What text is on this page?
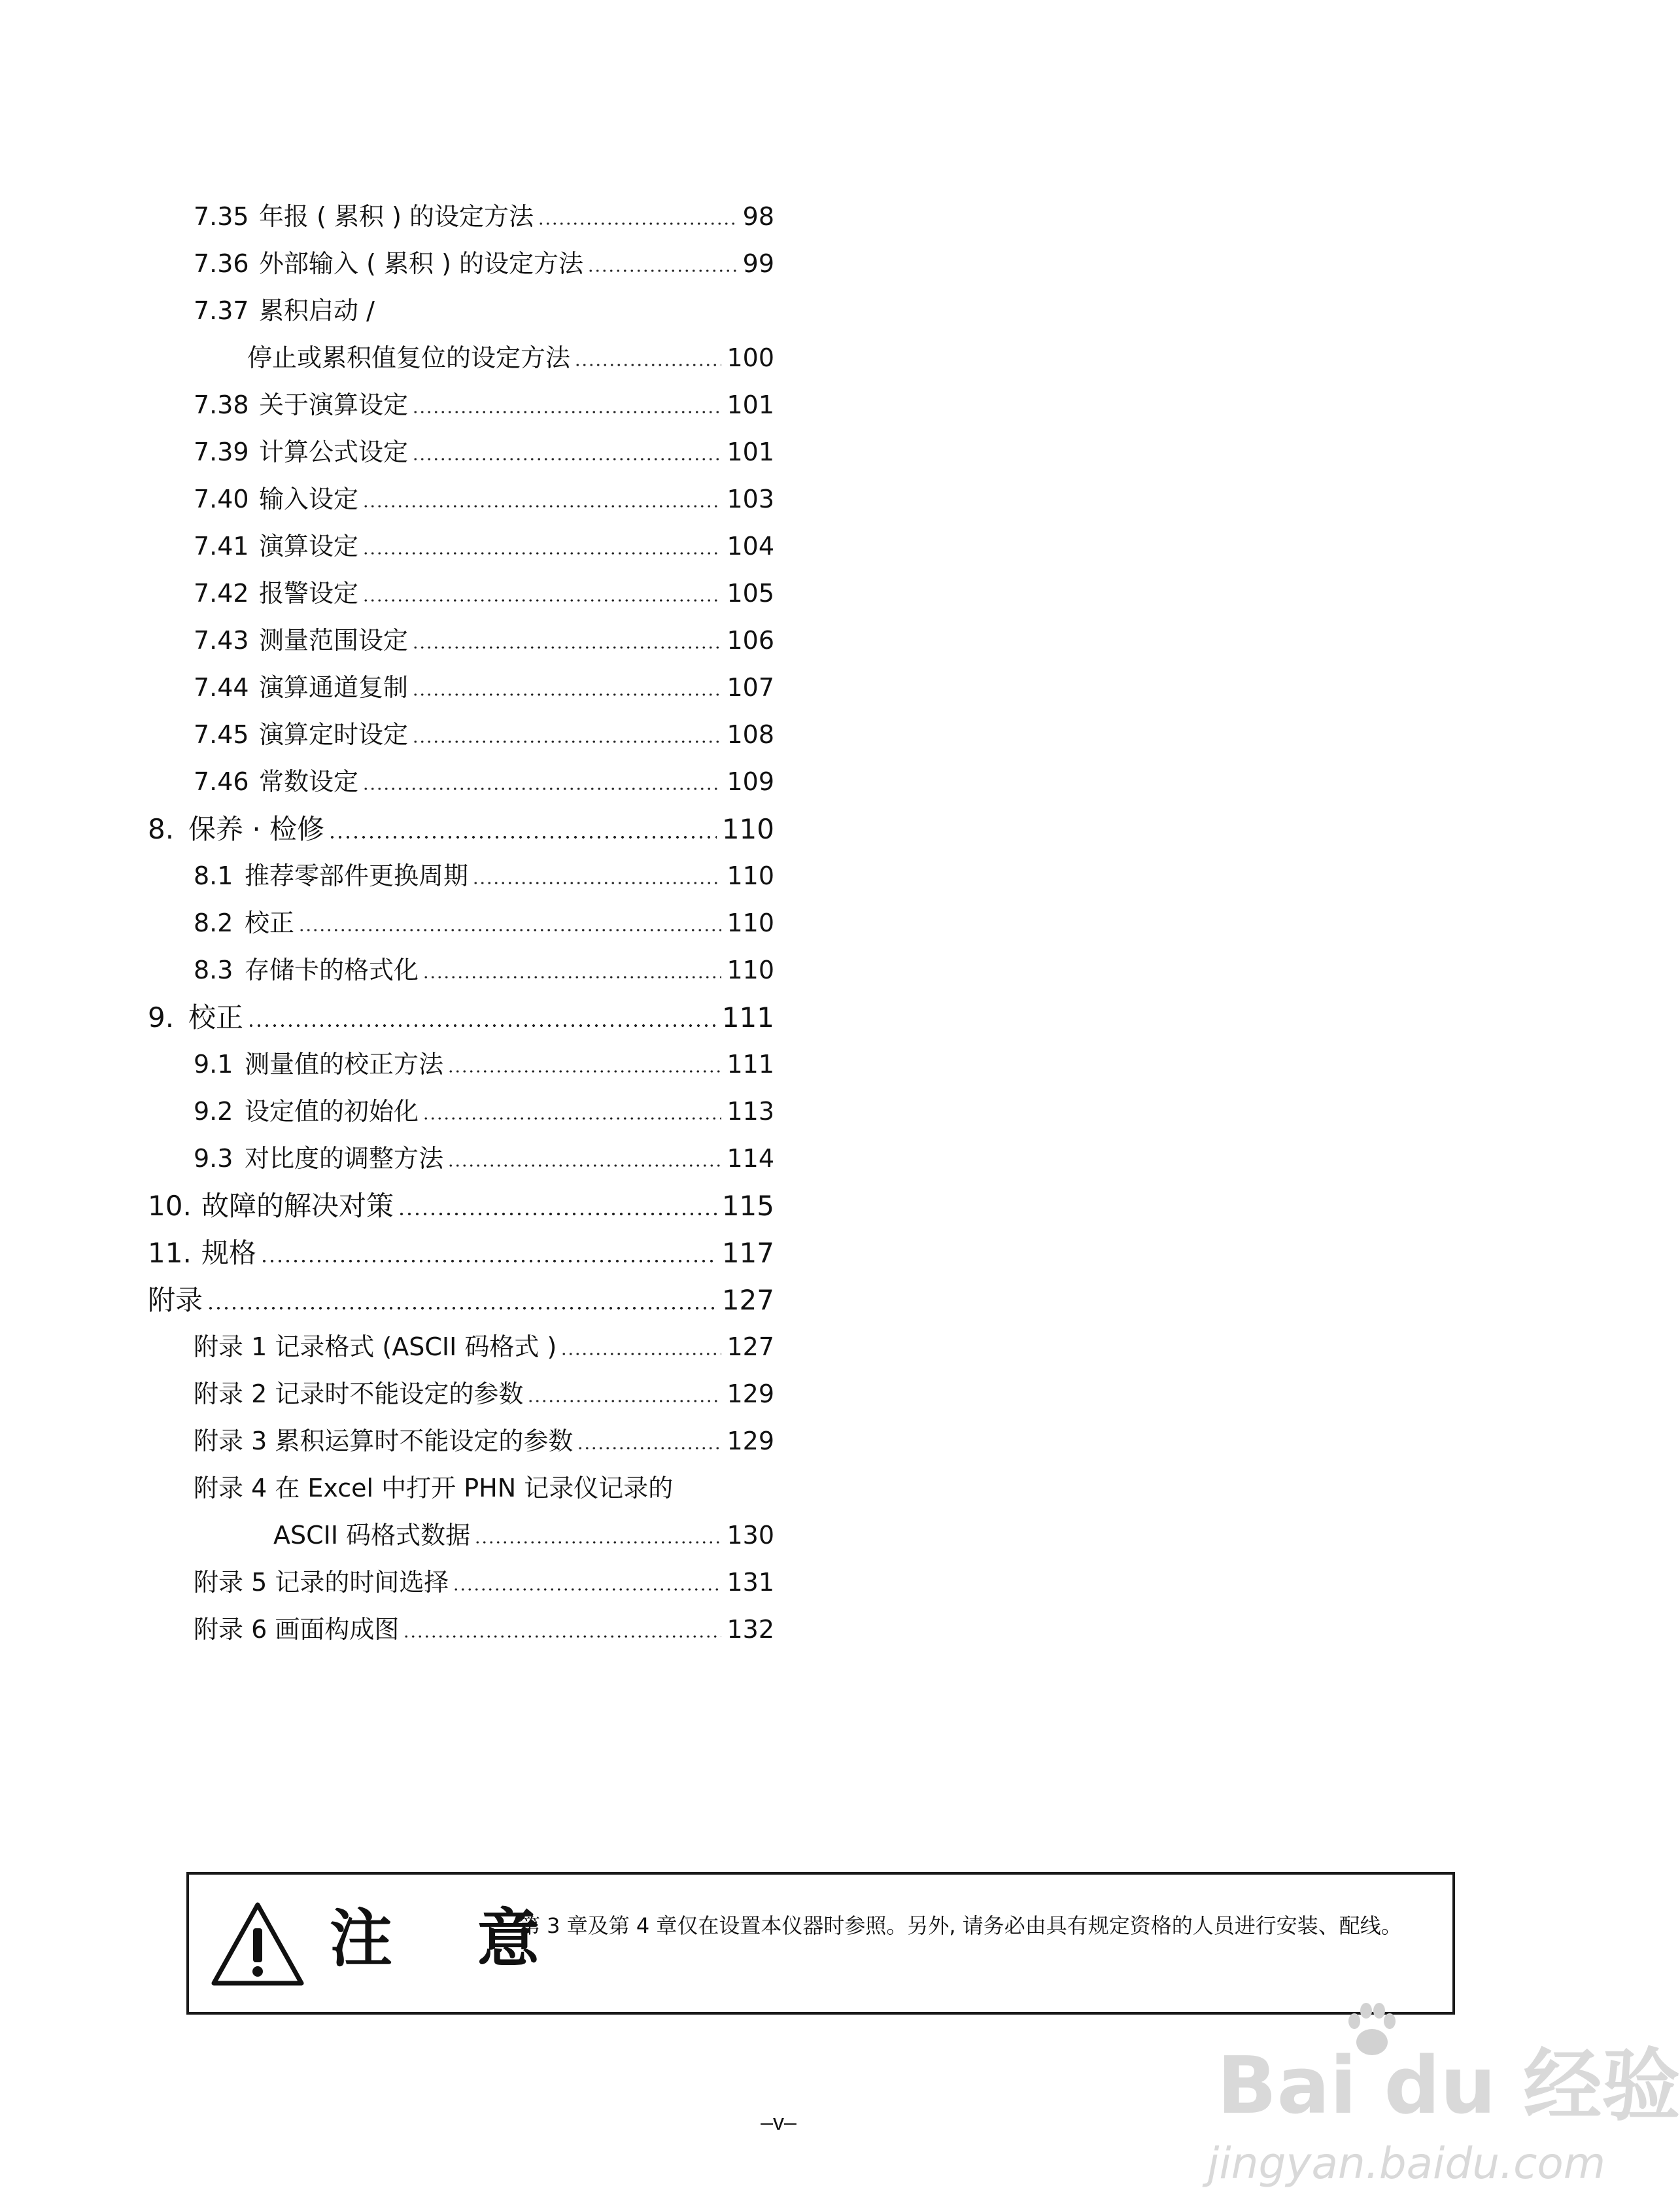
7.35 年报 ( 累积 ) 的设定方法	98
7.36 外部输入 ( 累积 ) 的设定方法	99
7.37 累积启动 /
停止或累积值复位的设定方法	100
7.38 关于演算设定	101
7.39 计算公式设定	101
7.40 输入设定	103
7.41 演算设定	104
7.42 报警设定	105
7.43 测量范围设定	106
7.44 演算通道复制	107
7.45 演算定时设定	108
7.46 常数设定	109
8. 保养 · 检修	110
8.1 推荐零部件更换周期	110
8.2 校正	110
8.3 存储卡的格式化	110
9. 校正	111
9.1 测量值的校正方法	111
9.2 设定值的初始化	113
9.3 对比度的调整方法	114
10. 故障的解决对策	115
11. 规格	117
附录	127
附录 1 记录格式 (ASCII 码格式 )	127
附录 2 记录时不能设定的参数	129
附录 3 累积运算时不能设定的参数	129
附录 4 在 Excel 中打开 PHN 记录仪记录的
ASCII 码格式数据	130
附录 5 记录的时间选择	131
附录 6 画面构成图	132
注 意
第 3 章及第 4 章仅在设置本仪器时参照。另外, 请务必由具有规定资格的人员进行安装、配线。
–v–	Bai du 经验
jingyan.baidu.com
